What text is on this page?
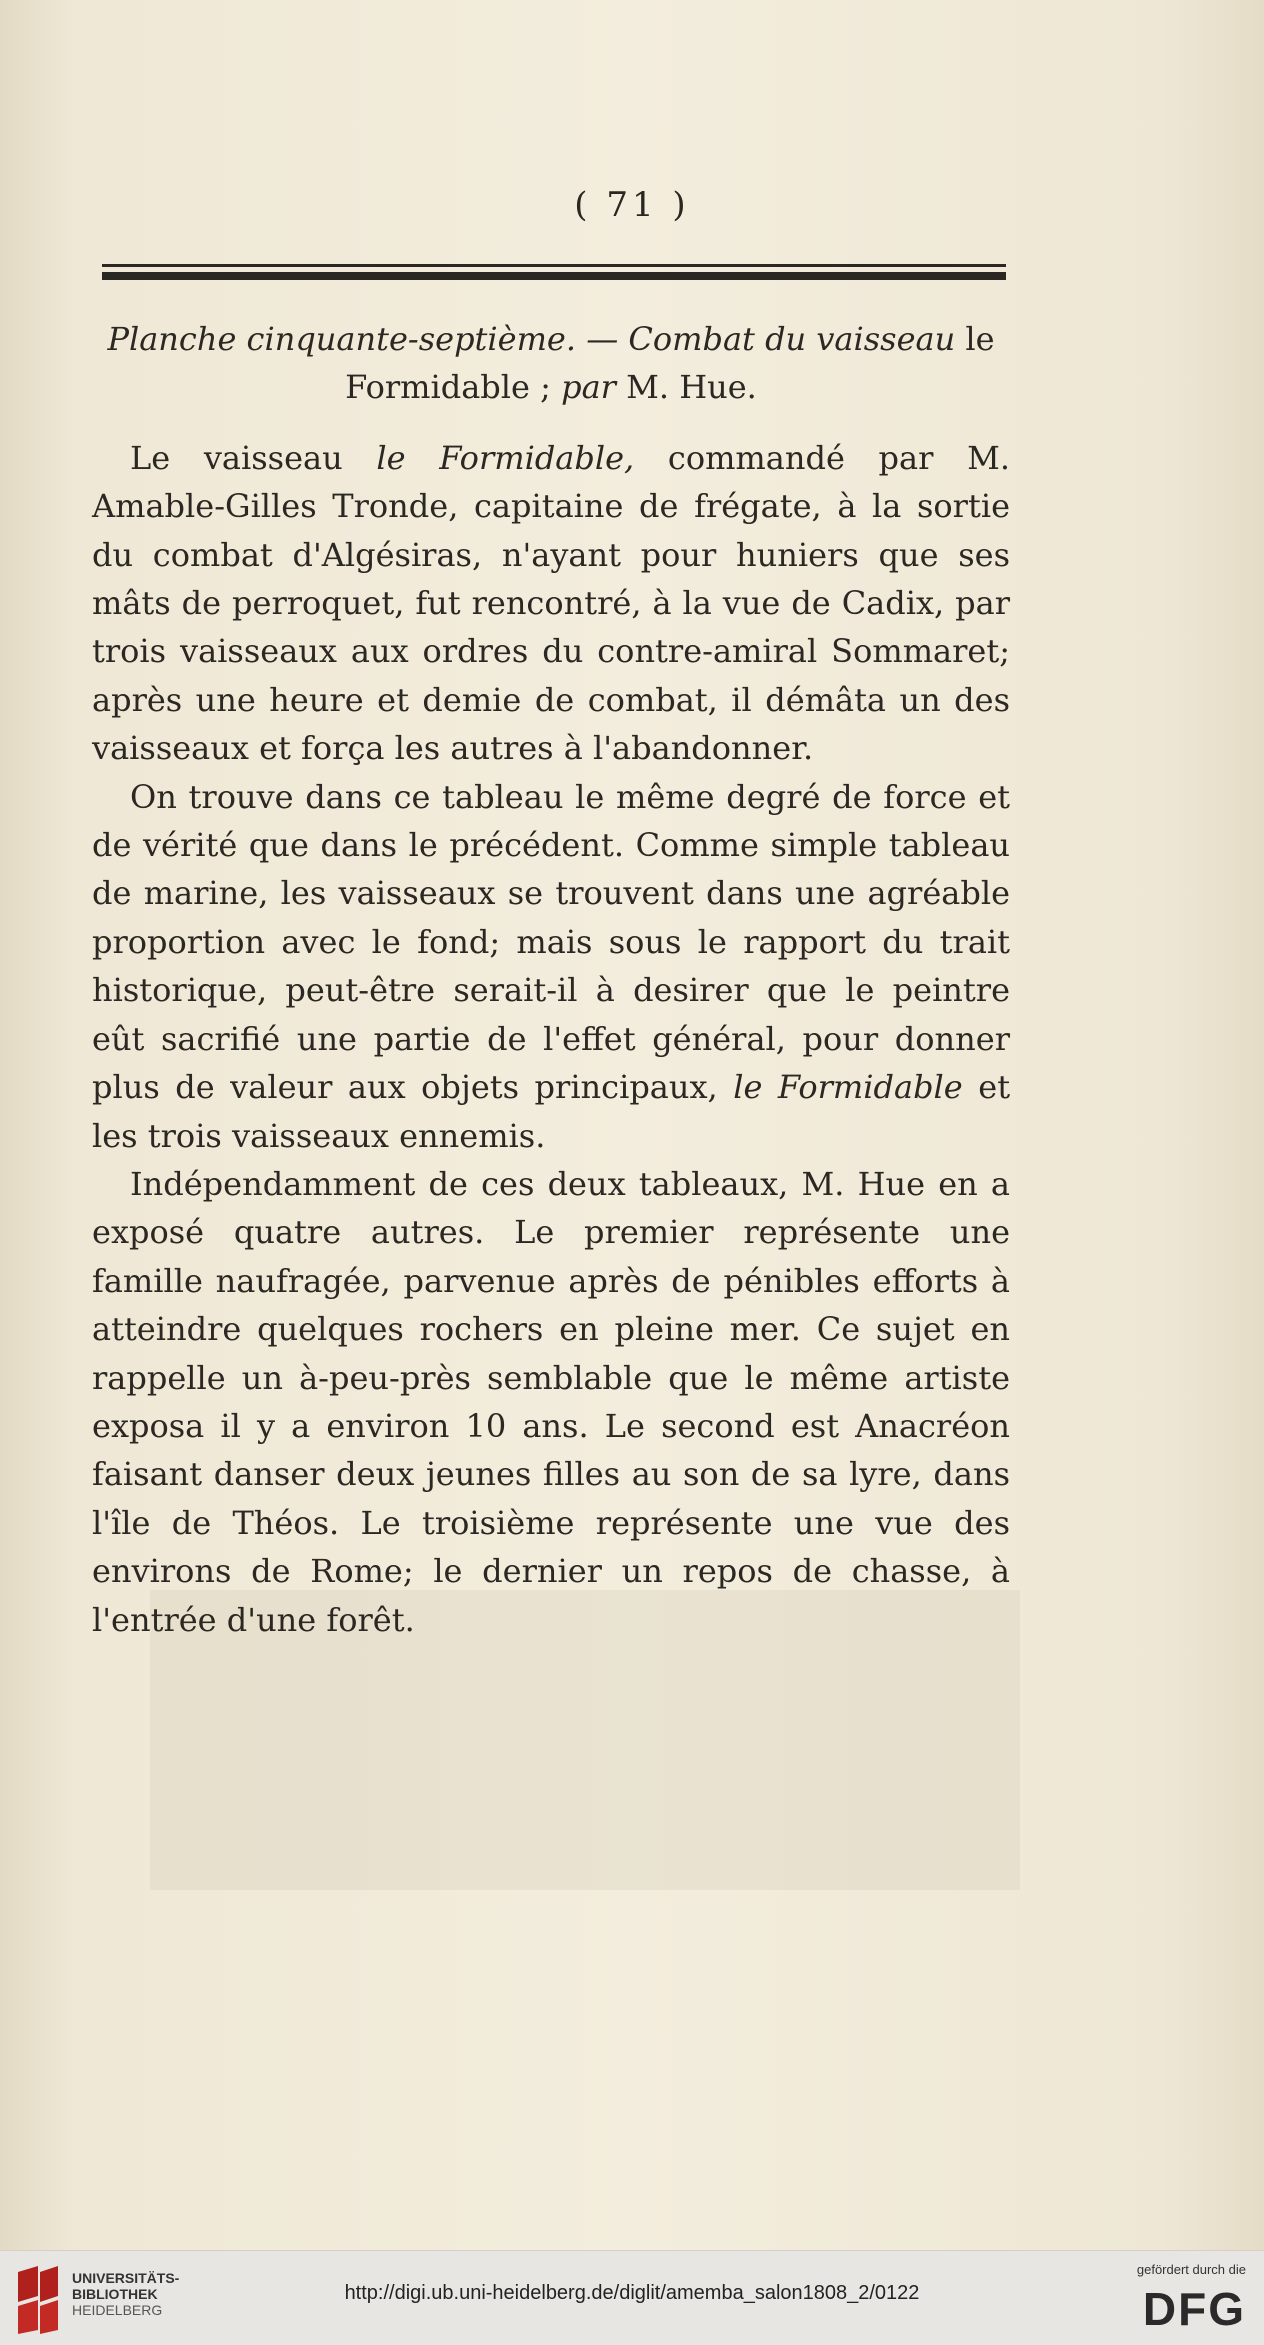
( 71 )
Planche cinquante-septième. — Combat du vaisseau le
Formidable ; par M. Hue.

Le vaisseau le Formidable, commandé par M. Amable-Gilles Tronde, capitaine de frégate, à la sortie du combat d'Algésiras, n'ayant pour huniers que ses mâts de perroquet, fut rencontré, à la vue de Cadix, par trois vaisseaux aux ordres du contre-amiral Sommaret; après une heure et demie de combat, il démâta un des vaisseaux et força les autres à l'abandonner.

On trouve dans ce tableau le même degré de force et de vérité que dans le précédent. Comme simple tableau de marine, les vaisseaux se trouvent dans une agréable proportion avec le fond; mais sous le rapport du trait historique, peut-être serait-il à desirer que le peintre eût sacrifié une partie de l'effet général, pour donner plus de valeur aux objets principaux, le Formidable et les trois vaisseaux ennemis.

Indépendamment de ces deux tableaux, M. Hue en a exposé quatre autres. Le premier représente une famille naufragée, parvenue après de pénibles efforts à atteindre quelques rochers en pleine mer. Ce sujet en rappelle un à-peu-près semblable que le même artiste exposa il y a environ 10 ans. Le second est Anacréon faisant danser deux jeunes filles au son de sa lyre, dans l'île de Théos. Le troisième représente une vue des environs de Rome; le dernier un repos de chasse, à l'entrée d'une forêt.

UNIVERSITÄTS-
BIBLIOTHEK
HEIDELBERG
http://digi.ub.uni-heidelberg.de/diglit/amemba_salon1808_2/0122
gefördert durch die
DFG
